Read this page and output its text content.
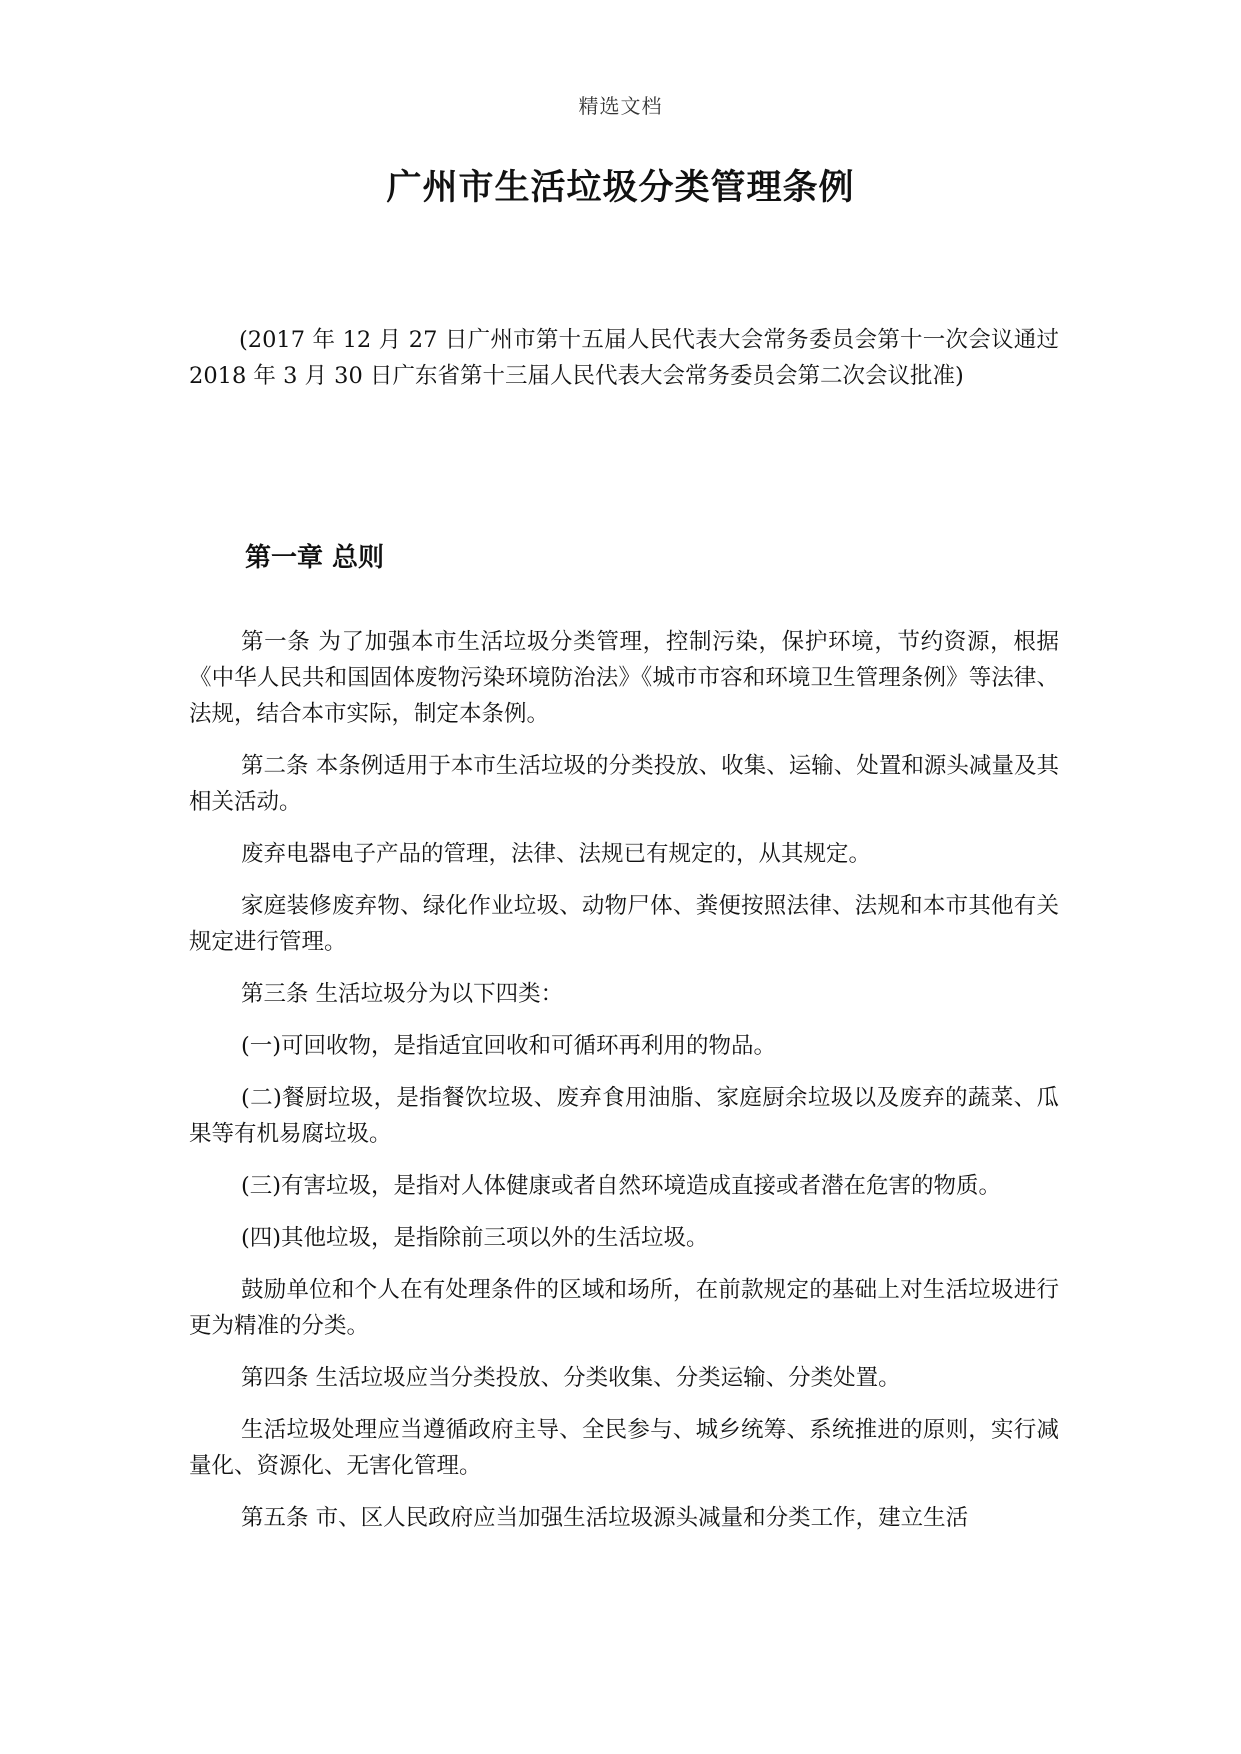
精选文档
广州市生活垃圾分类管理条例

(2017 年 12 月 27 日广州市第十五届人民代表大会常务委员会第十一次会议通过 2018 年 3 月 30 日广东省第十三届人民代表大会常务委员会第二次会议批准)

第一章 总则

第一条 为了加强本市生活垃圾分类管理，控制污染，保护环境，节约资源，根据《中华人民共和国固体废物污染环境防治法》《城市市容和环境卫生管理条例》等法律、法规，结合本市实际，制定本条例。

第二条 本条例适用于本市生活垃圾的分类投放、收集、运输、处置和源头减量及其相关活动。

废弃电器电子产品的管理，法律、法规已有规定的，从其规定。

家庭装修废弃物、绿化作业垃圾、动物尸体、粪便按照法律、法规和本市其他有关规定进行管理。

第三条 生活垃圾分为以下四类：

(一)可回收物，是指适宜回收和可循环再利用的物品。

(二)餐厨垃圾，是指餐饮垃圾、废弃食用油脂、家庭厨余垃圾以及废弃的蔬菜、瓜果等有机易腐垃圾。

(三)有害垃圾，是指对人体健康或者自然环境造成直接或者潜在危害的物质。

(四)其他垃圾，是指除前三项以外的生活垃圾。

鼓励单位和个人在有处理条件的区域和场所，在前款规定的基础上对生活垃圾进行更为精准的分类。

第四条 生活垃圾应当分类投放、分类收集、分类运输、分类处置。

生活垃圾处理应当遵循政府主导、全民参与、城乡统筹、系统推进的原则，实行减量化、资源化、无害化管理。

第五条 市、区人民政府应当加强生活垃圾源头减量和分类工作，建立生活
